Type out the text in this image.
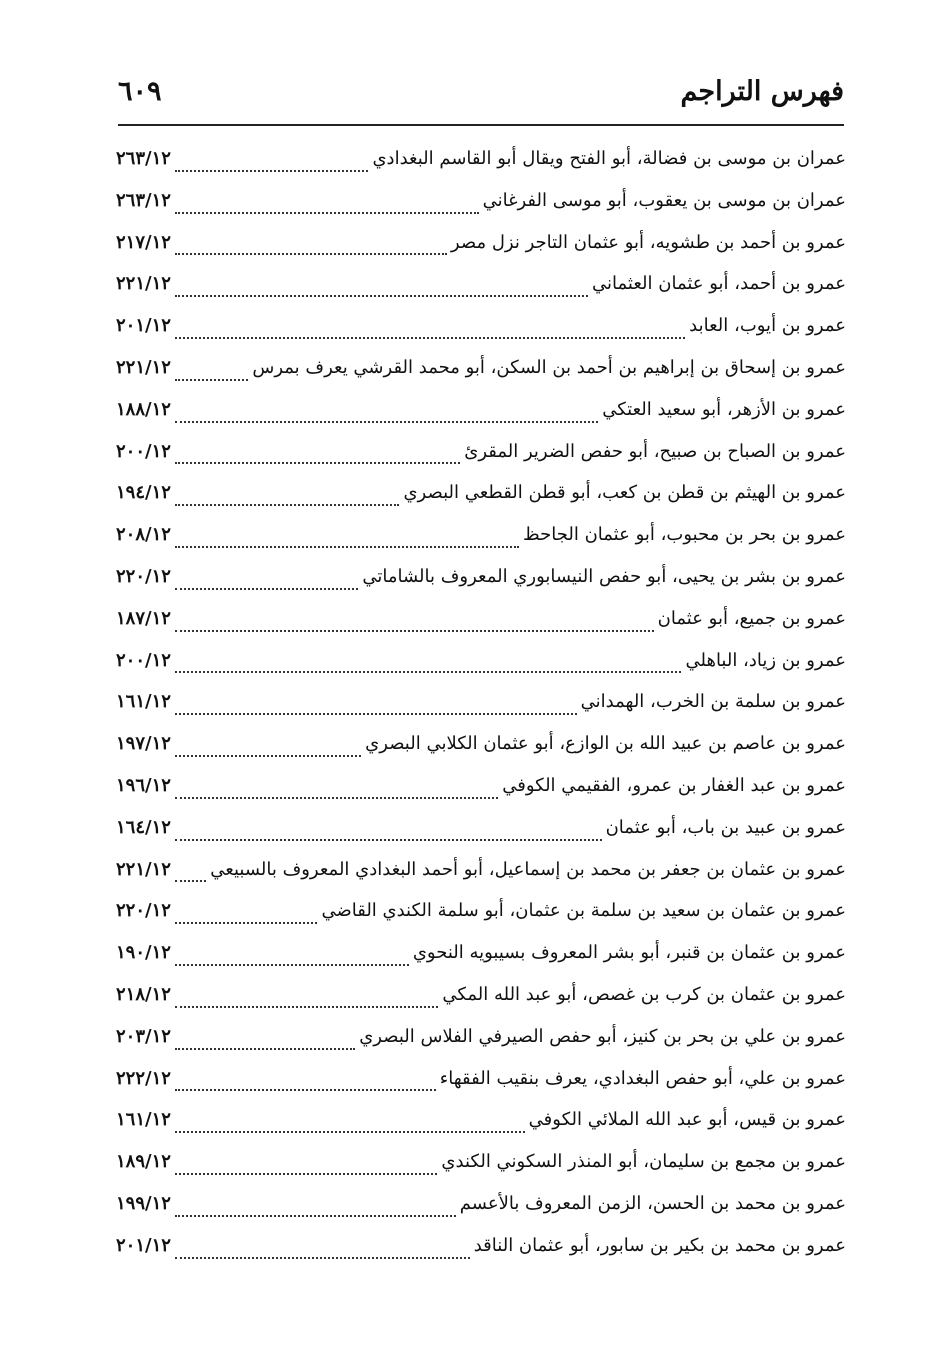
فهرس التراجم
٦٠٩
عمران بن موسى بن فضالة، أبو الفتح ويقال أبو القاسم البغدادي
٢٦٣/١٢
عمران بن موسى بن يعقوب، أبو موسى الفرغاني
٢٦٣/١٢
عمرو بن أحمد بن طشويه، أبو عثمان التاجر نزل مصر
٢١٧/١٢
عمرو بن أحمد، أبو عثمان العثماني
٢٢١/١٢
عمرو بن أيوب، العابد
٢٠١/١٢
عمرو بن إسحاق بن إبراهيم بن أحمد بن السكن، أبو محمد القرشي يعرف بمرس
٢٢١/١٢
عمرو بن الأزهر، أبو سعيد العتكي
١٨٨/١٢
عمرو بن الصباح بن صبيح، أبو حفص الضرير المقرئ
٢٠٠/١٢
عمرو بن الهيثم بن قطن بن كعب، أبو قطن القطعي البصري
١٩٤/١٢
عمرو بن بحر بن محبوب، أبو عثمان الجاحظ
٢٠٨/١٢
عمرو بن بشر بن يحيى، أبو حفص النيسابوري المعروف بالشاماتي
٢٢٠/١٢
عمرو بن جميع، أبو عثمان
١٨٧/١٢
عمرو بن زياد، الباهلي
٢٠٠/١٢
عمرو بن سلمة بن الخرب، الهمداني
١٦١/١٢
عمرو بن عاصم بن عبيد الله بن الوازع، أبو عثمان الكلابي البصري
١٩٧/١٢
عمرو بن عبد الغفار بن عمرو، الفقيمي الكوفي
١٩٦/١٢
عمرو بن عبيد بن باب، أبو عثمان
١٦٤/١٢
عمرو بن عثمان بن جعفر بن محمد بن إسماعيل، أبو أحمد البغدادي المعروف بالسبيعي
٢٢١/١٢
عمرو بن عثمان بن سعيد بن سلمة بن عثمان، أبو سلمة الكندي القاضي
٢٢٠/١٢
عمرو بن عثمان بن قنبر، أبو بشر المعروف بسيبويه النحوي
١٩٠/١٢
عمرو بن عثمان بن كرب بن غصص، أبو عبد الله المكي
٢١٨/١٢
عمرو بن علي بن بحر بن كنيز، أبو حفص الصيرفي الفلاس البصري
٢٠٣/١٢
عمرو بن علي، أبو حفص البغدادي، يعرف بنقيب الفقهاء
٢٢٢/١٢
عمرو بن قيس، أبو عبد الله الملائي الكوفي
١٦١/١٢
عمرو بن مجمع بن سليمان، أبو المنذر السكوني الكندي
١٨٩/١٢
عمرو بن محمد بن الحسن، الزمن المعروف بالأعسم
١٩٩/١٢
عمرو بن محمد بن بكير بن سابور، أبو عثمان الناقد
٢٠١/١٢
